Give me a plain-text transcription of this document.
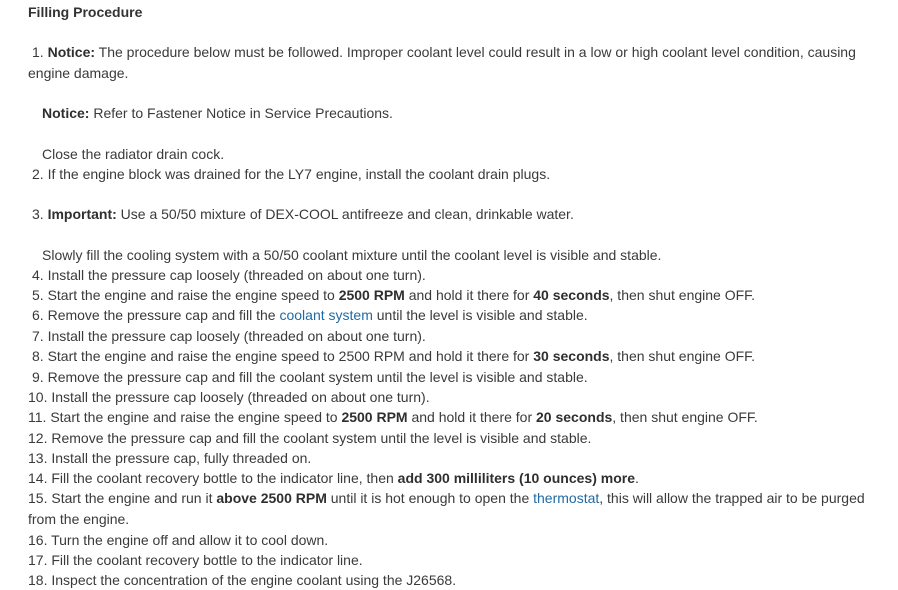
Filling Procedure
1. Notice: The procedure below must be followed. Improper coolant level could result in a low or high coolant level condition, causing engine damage.
Notice: Refer to Fastener Notice in Service Precautions.
Close the radiator drain cock.
2. If the engine block was drained for the LY7 engine, install the coolant drain plugs.
3. Important: Use a 50/50 mixture of DEX-COOL antifreeze and clean, drinkable water.
Slowly fill the cooling system with a 50/50 coolant mixture until the coolant level is visible and stable.
4. Install the pressure cap loosely (threaded on about one turn).
5. Start the engine and raise the engine speed to 2500 RPM and hold it there for 40 seconds, then shut engine OFF.
6. Remove the pressure cap and fill the coolant system until the level is visible and stable.
7. Install the pressure cap loosely (threaded on about one turn).
8. Start the engine and raise the engine speed to 2500 RPM and hold it there for 30 seconds, then shut engine OFF.
9. Remove the pressure cap and fill the coolant system until the level is visible and stable.
10. Install the pressure cap loosely (threaded on about one turn).
11. Start the engine and raise the engine speed to 2500 RPM and hold it there for 20 seconds, then shut engine OFF.
12. Remove the pressure cap and fill the coolant system until the level is visible and stable.
13. Install the pressure cap, fully threaded on.
14. Fill the coolant recovery bottle to the indicator line, then add 300 milliliters (10 ounces) more.
15. Start the engine and run it above 2500 RPM until it is hot enough to open the thermostat, this will allow the trapped air to be purged from the engine.
16. Turn the engine off and allow it to cool down.
17. Fill the coolant recovery bottle to the indicator line.
18. Inspect the concentration of the engine coolant using the J26568.
